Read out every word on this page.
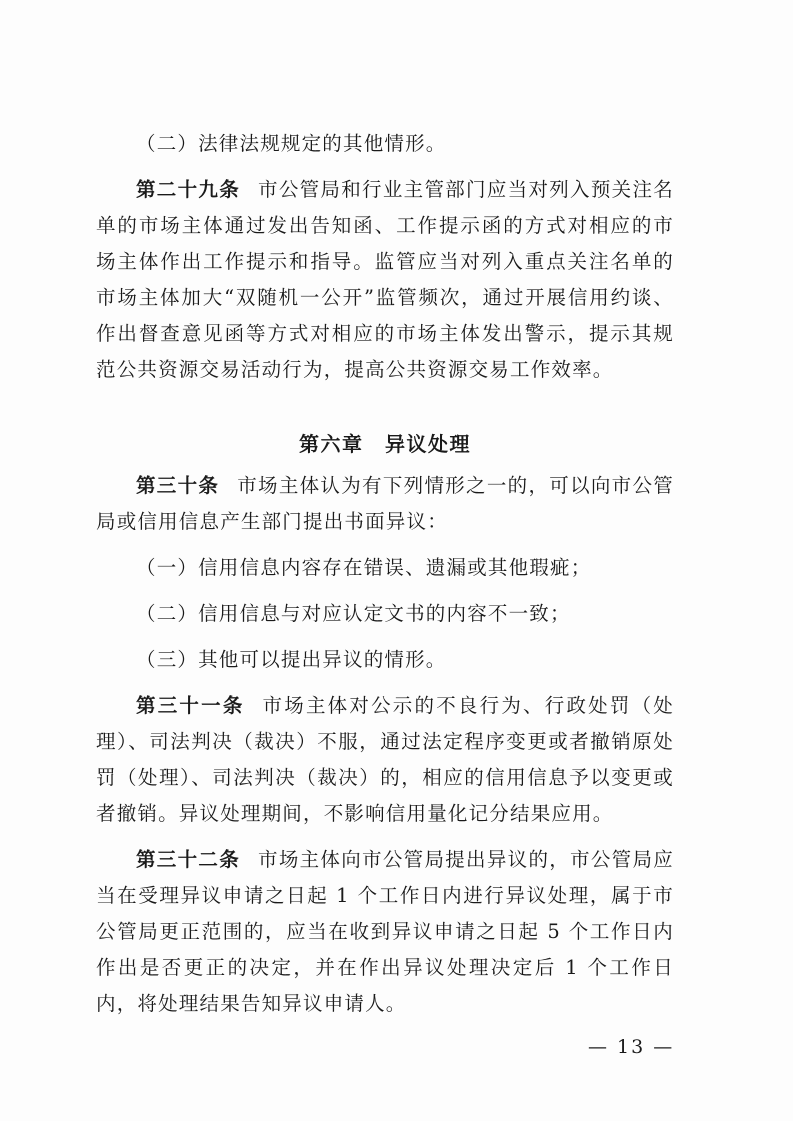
（二）法律法规规定的其他情形。

第二十九条 市公管局和行业主管部门应当对列入预关注名单的市场主体通过发出告知函、工作提示函的方式对相应的市场主体作出工作提示和指导。监管应当对列入重点关注名单的市场主体加大“双随机一公开”监管频次，通过开展信用约谈、作出督查意见函等方式对相应的市场主体发出警示，提示其规范公共资源交易活动行为，提高公共资源交易工作效率。

第六章　异议处理

第三十条 市场主体认为有下列情形之一的，可以向市公管局或信用信息产生部门提出书面异议：

（一）信用信息内容存在错误、遗漏或其他瑕疵；

（二）信用信息与对应认定文书的内容不一致；

（三）其他可以提出异议的情形。

第三十一条 市场主体对公示的不良行为、行政处罚（处理）、司法判决（裁决）不服，通过法定程序变更或者撤销原处罚（处理）、司法判决（裁决）的，相应的信用信息予以变更或者撤销。异议处理期间，不影响信用量化记分结果应用。

第三十二条 市场主体向市公管局提出异议的，市公管局应当在受理异议申请之日起 1 个工作日内进行异议处理，属于市公管局更正范围的，应当在收到异议申请之日起 5 个工作日内作出是否更正的决定，并在作出异议处理决定后 1 个工作日内，将处理结果告知异议申请人。

— 13 —
